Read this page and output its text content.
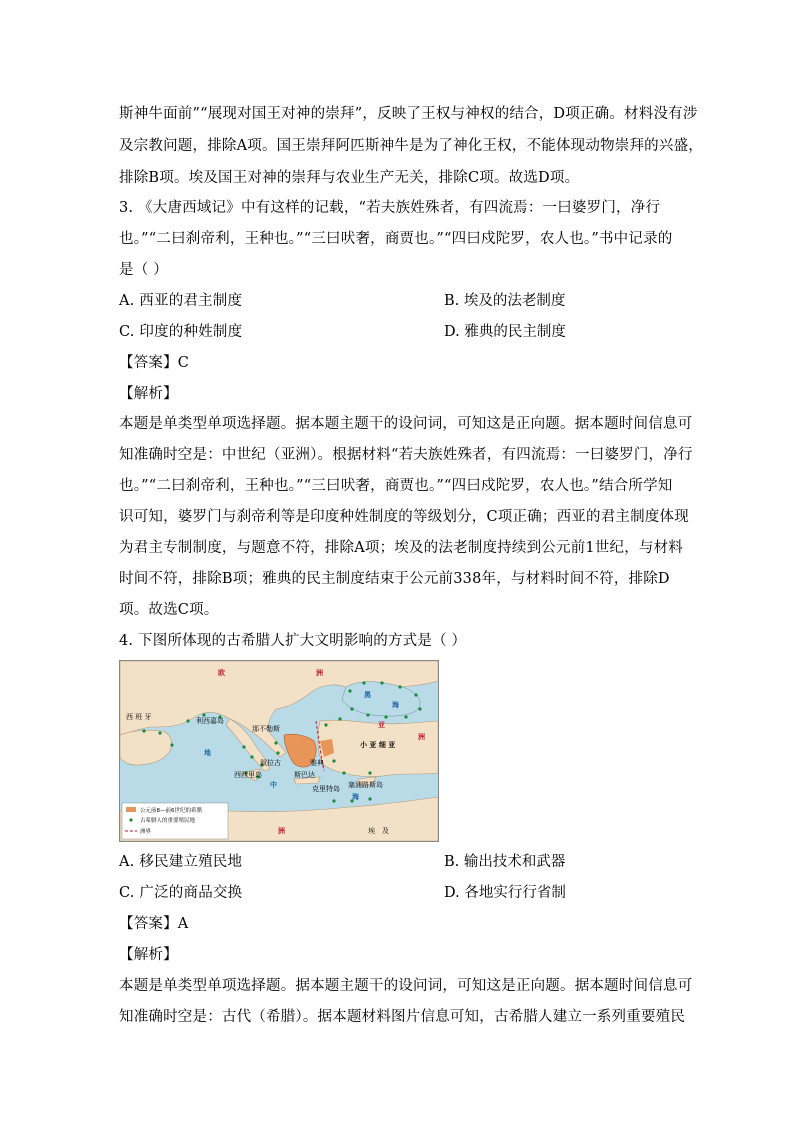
斯神牛面前”“展现对国王对神的崇拜”，反映了王权与神权的结合，D项正确。材料没有涉
及宗教问题，排除A项。国王崇拜阿匹斯神牛是为了神化王权，不能体现动物崇拜的兴盛，
排除B项。埃及国王对神的崇拜与农业生产无关，排除C项。故选D项。
3. 《大唐西域记》中有这样的记载，“若夫族姓殊者，有四流焉：一曰婆罗门，净行
也。”“二曰刹帝利，王种也。”“三曰吠奢，商贾也。”“四曰戍陀罗，农人也。”书中记录的
是（ ）
A. 西亚的君主制度	B. 埃及的法老制度
C. 印度的种姓制度	D. 雅典的民主制度
【答案】C
【解析】
本题是单类型单项选择题。据本题主题干的设问词，可知这是正向题。据本题时间信息可
知准确时空是：中世纪（亚洲）。根据材料“若夫族姓殊者，有四流焉：一曰婆罗门，净行
也。”“二曰刹帝利，王种也。”“三曰吠奢，商贾也。”“四曰戍陀罗，农人也。”结合所学知
识可知，婆罗门与刹帝利等是印度种姓制度的等级划分，C项正确；西亚的君主制度体现
为君主专制制度，与题意不符，排除A项；埃及的法老制度持续到公元前1世纪，与材料
时间不符，排除B项；雅典的民主制度结束于公元前338年，与材料时间不符，排除D
项。故选C项。
4. 下图所体现的古希腊人扩大文明影响的方式是（ ）
欧	洲
黑
海
亚
洲
洲
小 亚 细 亚
西 班 牙	利西嘉岛
那不勒斯
叙拉古
西西里岛	斯巴达
雅典
克里特岛 塞浦路斯岛
埃 及
地
中
海
公元前8—前6世纪的希腊
古希腊人的重要殖民地
洲界
A. 移民建立殖民地	B. 输出技术和武器
C. 广泛的商品交换	D. 各地实行行省制
【答案】A
【解析】
本题是单类型单项选择题。据本题主题干的设问词，可知这是正向题。据本题时间信息可
知准确时空是：古代（希腊）。据本题材料图片信息可知，古希腊人建立一系列重要殖民
